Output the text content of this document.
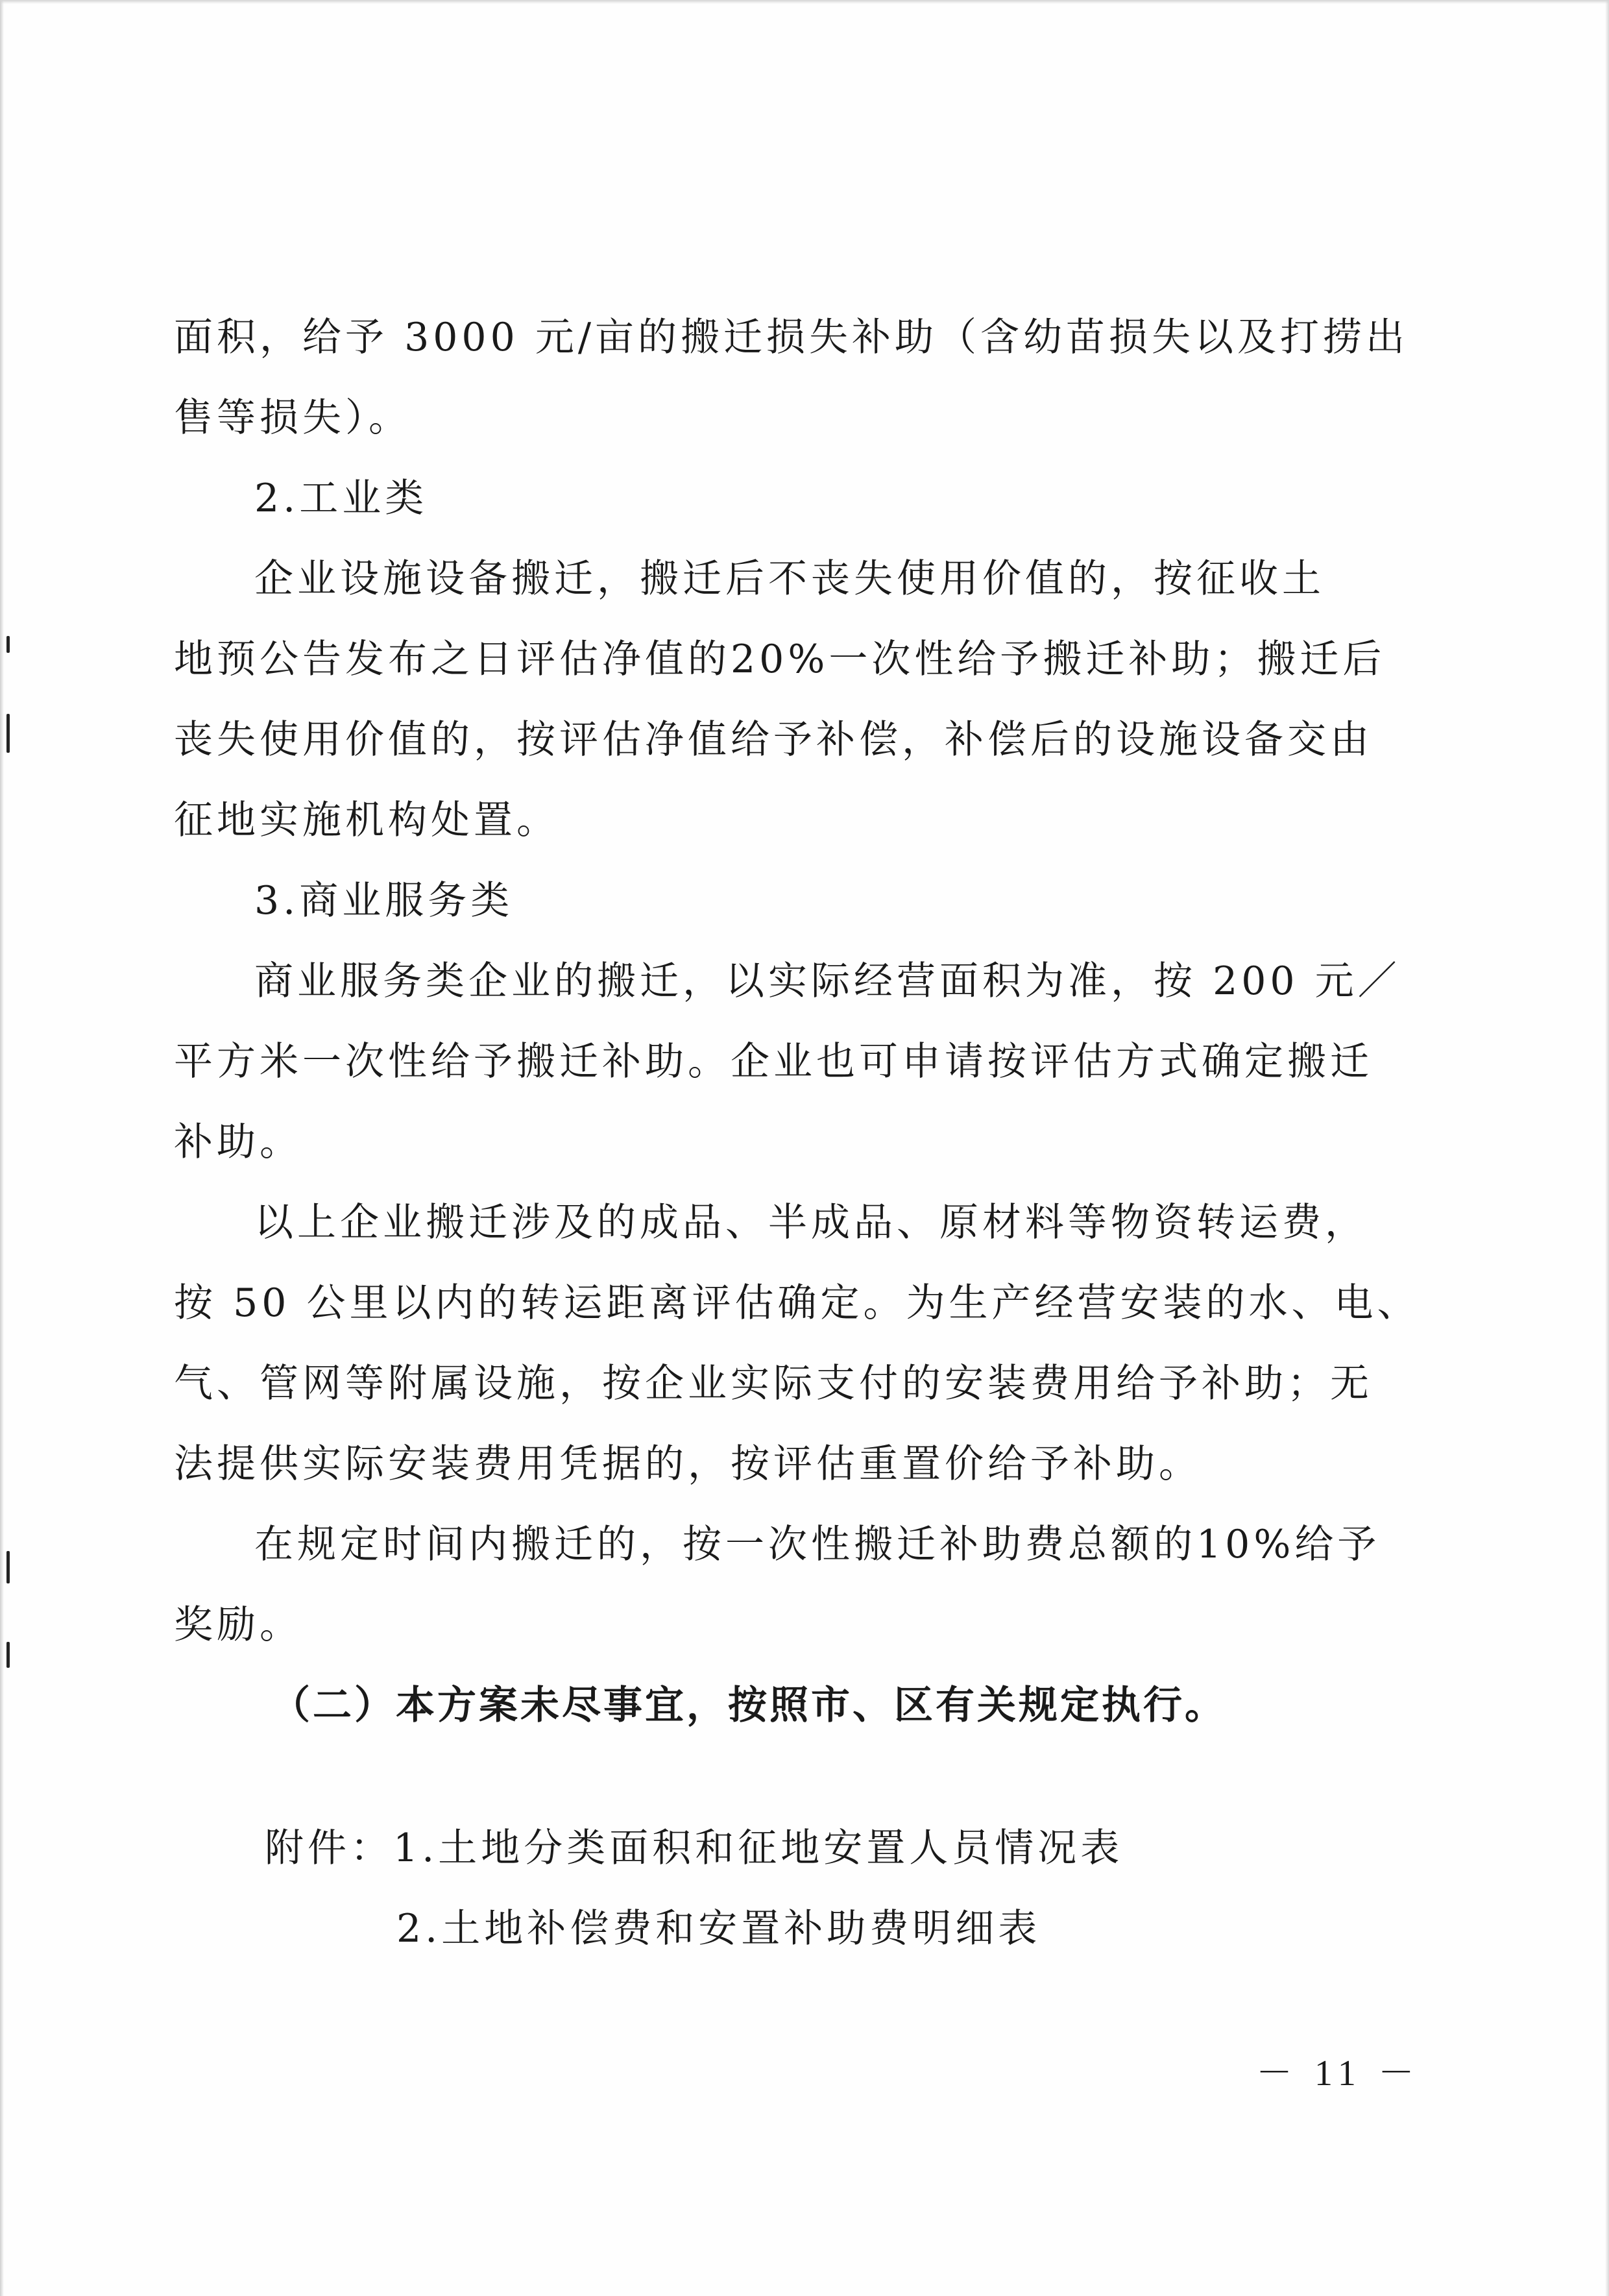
面积，给予 3000 元/亩的搬迁损失补助（含幼苗损失以及打捞出
售等损失）。
2.工业类
企业设施设备搬迁，搬迁后不丧失使用价值的，按征收土
地预公告发布之日评估净值的20%一次性给予搬迁补助；搬迁后
丧失使用价值的，按评估净值给予补偿，补偿后的设施设备交由
征地实施机构处置。
3.商业服务类
商业服务类企业的搬迁，以实际经营面积为准，按 200 元／
平方米一次性给予搬迁补助。企业也可申请按评估方式确定搬迁
补助。
以上企业搬迁涉及的成品、半成品、原材料等物资转运费，
按 50 公里以内的转运距离评估确定。为生产经营安装的水、电、
气、管网等附属设施，按企业实际支付的安装费用给予补助；无
法提供实际安装费用凭据的，按评估重置价给予补助。
在规定时间内搬迁的，按一次性搬迁补助费总额的10%给予
奖励。
（二）本方案未尽事宜，按照市、区有关规定执行。
附件：1.土地分类面积和征地安置人员情况表
2.土地补偿费和安置补助费明细表
－ 11 －
